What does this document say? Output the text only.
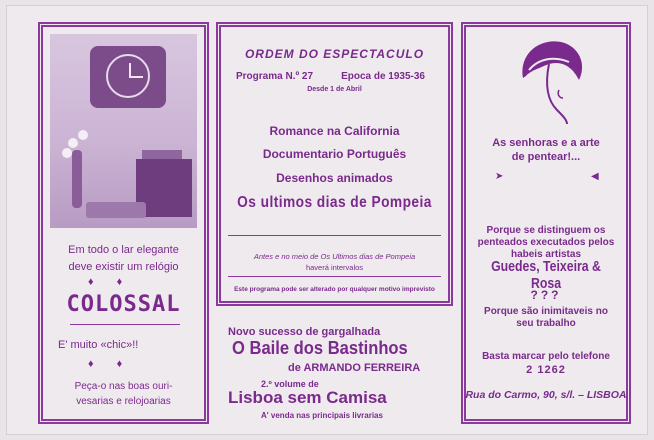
Em todo o lar elegante
deve existir um relógio
♦ ♦
COLOSSAL
E' muito «chic»!!
♦ ♦
Peça-o nas boas ouri-
vesarias e relojoarias
ORDEM DO ESPECTACULO
Programa N.º 27	Epoca de 1935-36
Desde 1 de Abril
Romance na California
Documentario Português
Desenhos animados
Os ultimos dias de Pompeia
Antes e no meio de Os Ultimos dias de Pompeia
haverá intervalos
Este programa pode ser alterado por qualquer motivo imprevisto
Novo sucesso de gargalhada
O Baile dos Bastinhos
de ARMANDO FERREIRA
2.º volume de
Lisboa sem Camisa
A' venda nas principais livrarias
As senhoras e a arte
de pentear!...
➤	◀
Porque se distinguem os
penteados executados pelos
habeis artistas
Guedes, Teixeira & Rosa
???
Porque são inimitaveis no
seu trabalho
Basta marcar pelo telefone
2 1262
Rua do Carmo, 90, s/l. – LISBOA
